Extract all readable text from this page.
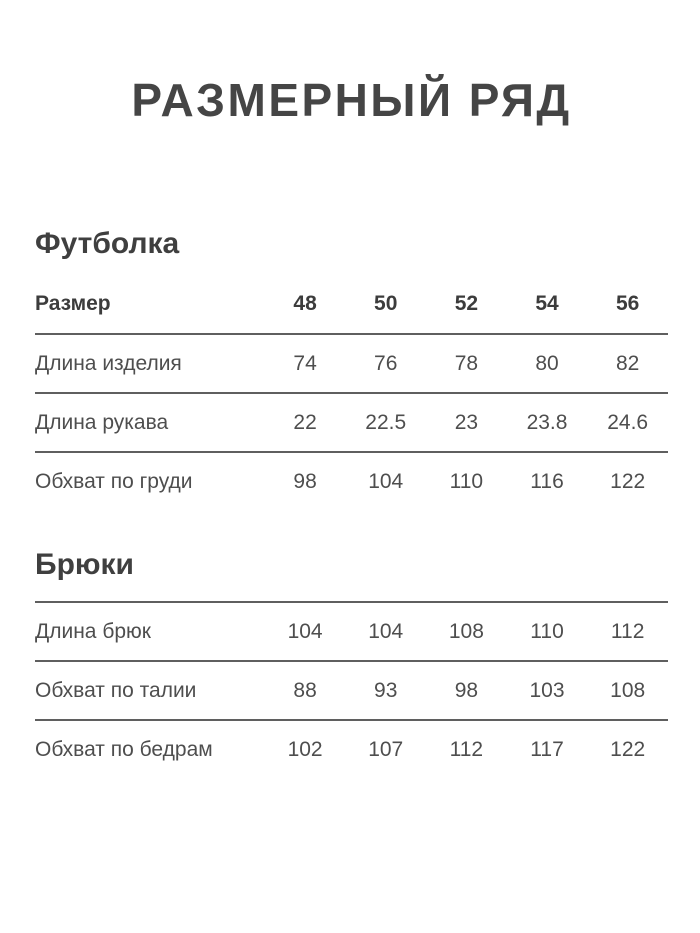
РАЗМЕРНЫЙ РЯД
Футболка
Размер	48	50	52	54	56
Длина изделия	74	76	78	80	82
Длина рукава	22	22.5	23	23.8	24.6
Обхват по груди	98	104	110	116	122
Брюки
Длина брюк	104	104	108	110	112
Обхват по талии	88	93	98	103	108
Обхват по бедрам	102	107	112	117	122
